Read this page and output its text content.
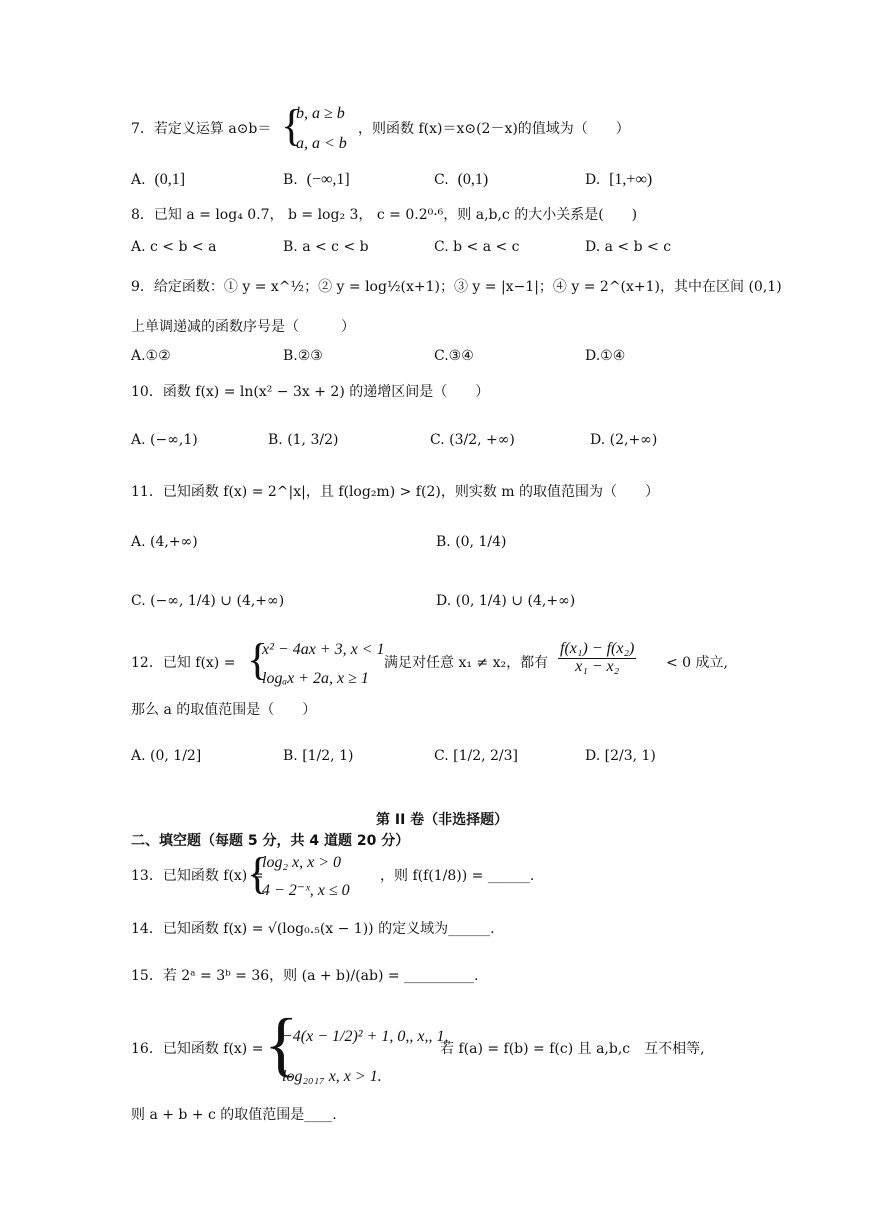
7．若定义运算 a⊙b＝ {
b, a ≥ b
a, a < b
，则函数 f(x)＝x⊙(2－x)的值域为（　　）
A. (0,1]	B. (−∞,1]	C. (0,1)	D. [1,+∞)
8．已知 a = log₄ 0.7， b = log₂ 3， c = 0.2⁰·⁶，则 a,b,c 的大小关系是(　　)
A. c < b < a	B. a < c < b	C. b < a < c	D. a < b < c
9．给定函数：① y = x^½；② y = log½(x+1)；③ y = |x−1|；④ y = 2^(x+1)，其中在区间 (0,1)
上单调递减的函数序号是（　　　）
A.①②	B.②③	C.③④	D.①④
10．函数 f(x) = ln(x² − 3x + 2) 的递增区间是（　　）
A. (−∞,1)	B. (1, 3/2)	C. (3/2, +∞)	D. (2,+∞)
11．已知函数 f(x) = 2^|x|，且 f(log₂m) > f(2)，则实数 m 的取值范围为（　　）
A. (4,+∞)	B. (0, 1/4)
C. (−∞, 1/4) ∪ (4,+∞)	D. (0, 1/4) ∪ (4,+∞)
12．已知 f(x) = {
x² − 4ax + 3, x < 1
logₐx + 2a, x ≥ 1
满足对任意 x₁ ≠ x₂，都有 $\frac{\text{f(x₁) − f(x₂)}}{\text{x₁ − x₂}} < 0$ 成立,
那么 a 的取值范围是（　　）
A. (0, 1/2]	B. [1/2, 1)	C. [1/2, 2/3]	D. [2/3, 1)
第 II 卷（非选择题）
二、填空题（每题 5 分，共 4 道题 20 分）
13．已知函数 f(x) =
{
log₂ x, x > 0
4 − 2⁻ˣ, x ≤ 0
，则 f(f(1/8)) = ______.
14．已知函数 f(x) = √(log₀.₅(x − 1)) 的定义域为______.
15．若 2ᵃ = 3ᵇ = 36，则 (a + b)/(ab) = __________.
16．已知函数 f(x) = {
−4(x − 1/2)² + 1, 0,, x,, 1,
log₂₀₁₇ x, x > 1.
若 f(a) = f(b) = f(c) 且 a,b,c　互不相等,
则 a + b + c 的取值范围是____.
